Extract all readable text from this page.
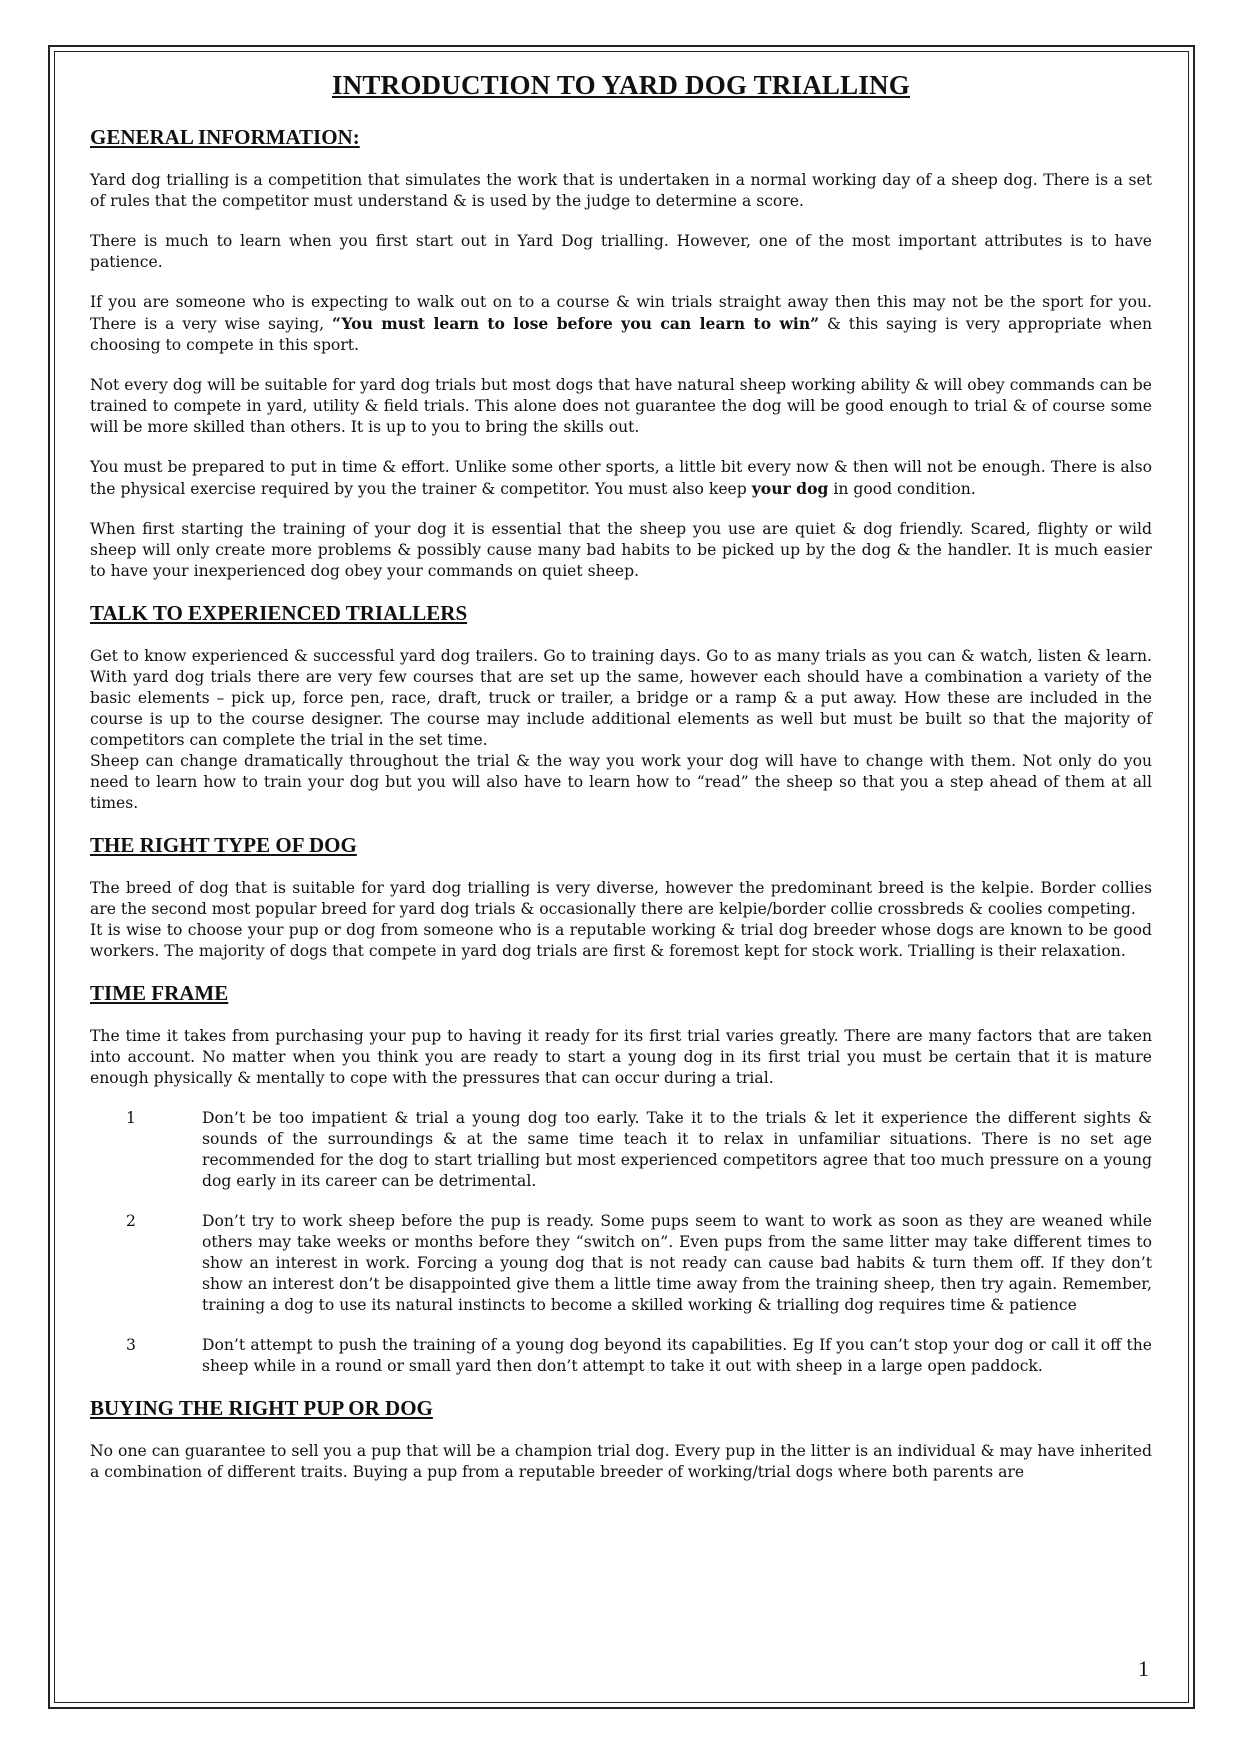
INTRODUCTION TO YARD DOG TRIALLING
GENERAL INFORMATION:

Yard dog trialling is a competition that simulates the work that is undertaken in a normal working day of a sheep dog. There is a set of rules that the competitor must understand & is used by the judge to determine a score.

There is much to learn when you first start out in Yard Dog trialling. However, one of the most important attributes is to have patience.

If you are someone who is expecting to walk out on to a course & win trials straight away then this may not be the sport for you. There is a very wise saying, “You must learn to lose before you can learn to win” & this saying is very appropriate when choosing to compete in this sport.

Not every dog will be suitable for yard dog trials but most dogs that have natural sheep working ability & will obey commands can be trained to compete in yard, utility & field trials. This alone does not guarantee the dog will be good enough to trial & of course some will be more skilled than others. It is up to you to bring the skills out.

You must be prepared to put in time & effort. Unlike some other sports, a little bit every now & then will not be enough. There is also the physical exercise required by you the trainer & competitor. You must also keep your dog in good condition.

When first starting the training of your dog it is essential that the sheep you use are quiet & dog friendly. Scared, flighty or wild sheep will only create more problems & possibly cause many bad habits to be picked up by the dog & the handler. It is much easier to have your inexperienced dog obey your commands on quiet sheep.

TALK TO EXPERIENCED TRIALLERS

Get to know experienced & successful yard dog trailers. Go to training days. Go to as many trials as you can & watch, listen & learn. With yard dog trials there are very few courses that are set up the same, however each should have a combination a variety of the basic elements – pick up, force pen, race, draft, truck or trailer, a bridge or a ramp & a put away. How these are included in the course is up to the course designer. The course may include additional elements as well but must be built so that the majority of competitors can complete the trial in the set time.

Sheep can change dramatically throughout the trial & the way you work your dog will have to change with them. Not only do you need to learn how to train your dog but you will also have to learn how to “read” the sheep so that you a step ahead of them at all times.

THE RIGHT TYPE OF DOG

The breed of dog that is suitable for yard dog trialling is very diverse, however the predominant breed is the kelpie. Border collies are the second most popular breed for yard dog trials & occasionally there are kelpie/border collie crossbreds & coolies competing.

It is wise to choose your pup or dog from someone who is a reputable working & trial dog breeder whose dogs are known to be good workers. The majority of dogs that compete in yard dog trials are first & foremost kept for stock work. Trialling is their relaxation.

TIME FRAME

The time it takes from purchasing your pup to having it ready for its first trial varies greatly. There are many factors that are taken into account. No matter when you think you are ready to start a young dog in its first trial you must be certain that it is mature enough physically & mentally to cope with the pressures that can occur during a trial.

1	Don’t be too impatient & trial a young dog too early. Take it to the trials & let it experience the different sights & sounds of the surroundings & at the same time teach it to relax in unfamiliar situations. There is no set age recommended for the dog to start trialling but most experienced competitors agree that too much pressure on a young dog early in its career can be detrimental.
2	Don’t try to work sheep before the pup is ready. Some pups seem to want to work as soon as they are weaned while others may take weeks or months before they “switch on”. Even pups from the same litter may take different times to show an interest in work. Forcing a young dog that is not ready can cause bad habits & turn them off. If they don’t show an interest don’t be disappointed give them a little time away from the training sheep, then try again. Remember, training a dog to use its natural instincts to become a skilled working & trialling dog requires time & patience
3	Don’t attempt to push the training of a young dog beyond its capabilities. Eg If you can’t stop your dog or call it off the sheep while in a round or small yard then don’t attempt to take it out with sheep in a large open paddock.
BUYING THE RIGHT PUP OR DOG

No one can guarantee to sell you a pup that will be a champion trial dog. Every pup in the litter is an individual & may have inherited a combination of different traits. Buying a pup from a reputable breeder of working/trial dogs where both parents are

1
